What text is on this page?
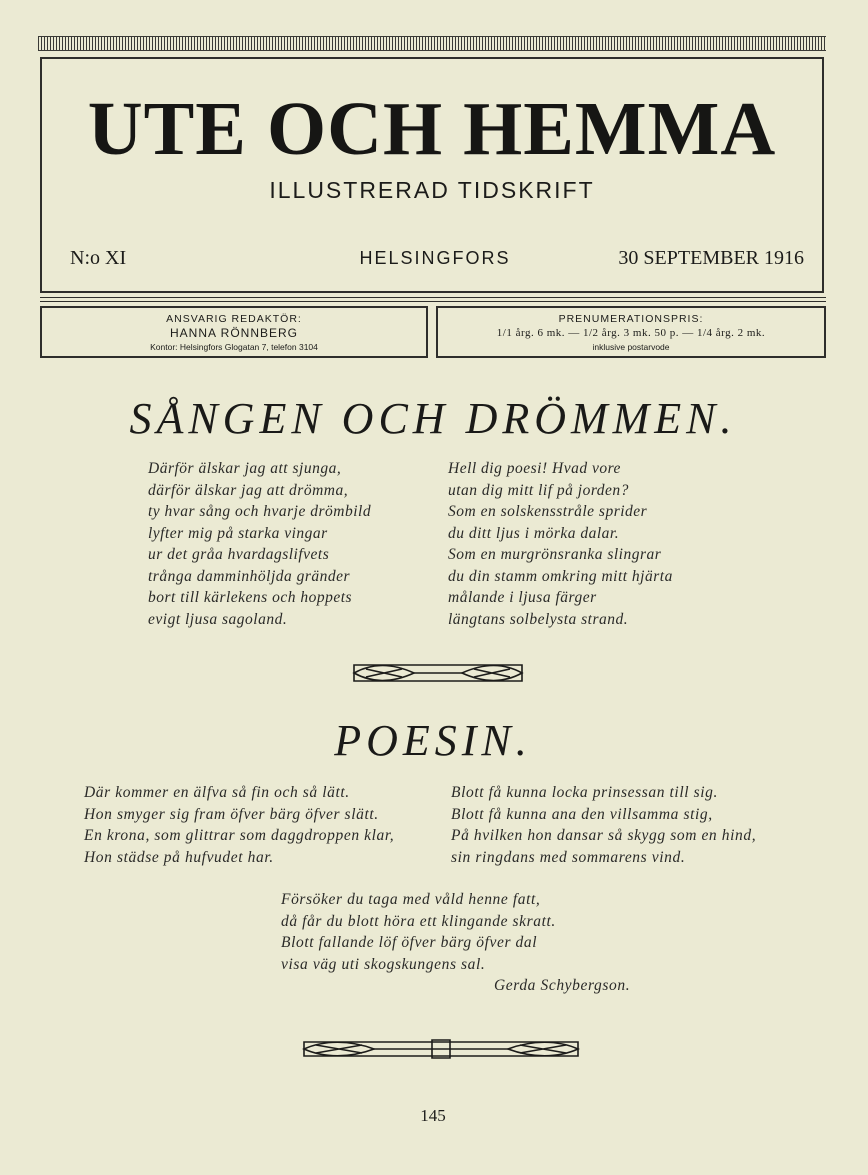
UTE OCH HEMMA
ILLUSTRERAD TIDSKRIFT
N:o XI	HELSINGFORS	30 SEPTEMBER 1916
ANSVARIG REDAKTÖR:
HANNA RÖNNBERG
Kontor: Helsingfors Glogatan 7, telefon 3104
PRENUMERATIONSPRIS:
1/1 årg. 6 mk. — 1/2 årg. 3 mk. 50 p. — 1/4 årg. 2 mk.
inklusive postarvode
SÅNGEN OCH DRÖMMEN.
Därför älskar jag att sjunga,
därför älskar jag att drömma,
ty hvar sång och hvarje drömbild
lyfter mig på starka vingar
ur det gråa hvardagslifvets
trånga damminhöljda gränder
bort till kärlekens och hoppets
evigt ljusa sagoland.
Hell dig poesi! Hvad vore
utan dig mitt lif på jorden?
Som en solskensstråle sprider
du ditt ljus i mörka dalar.
Som en murgrönsranka slingrar
du din stamm omkring mitt hjärta
målande i ljusa färger
längtans solbelysta strand.
POESIN.
Där kommer en älfva så fin och så lätt.
Hon smyger sig fram öfver bärg öfver slätt.
En krona, som glittrar som daggdroppen klar,
Hon städse på hufvudet har.
Blott få kunna locka prinsessan till sig.
Blott få kunna ana den villsamma stig,
På hvilken hon dansar så skygg som en hind,
sin ringdans med sommarens vind.
Försöker du taga med våld henne fatt,
då får du blott höra ett klingande skratt.
Blott fallande löf öfver bärg öfver dal
visa väg uti skogskungens sal.
Gerda Schybergson.
145
